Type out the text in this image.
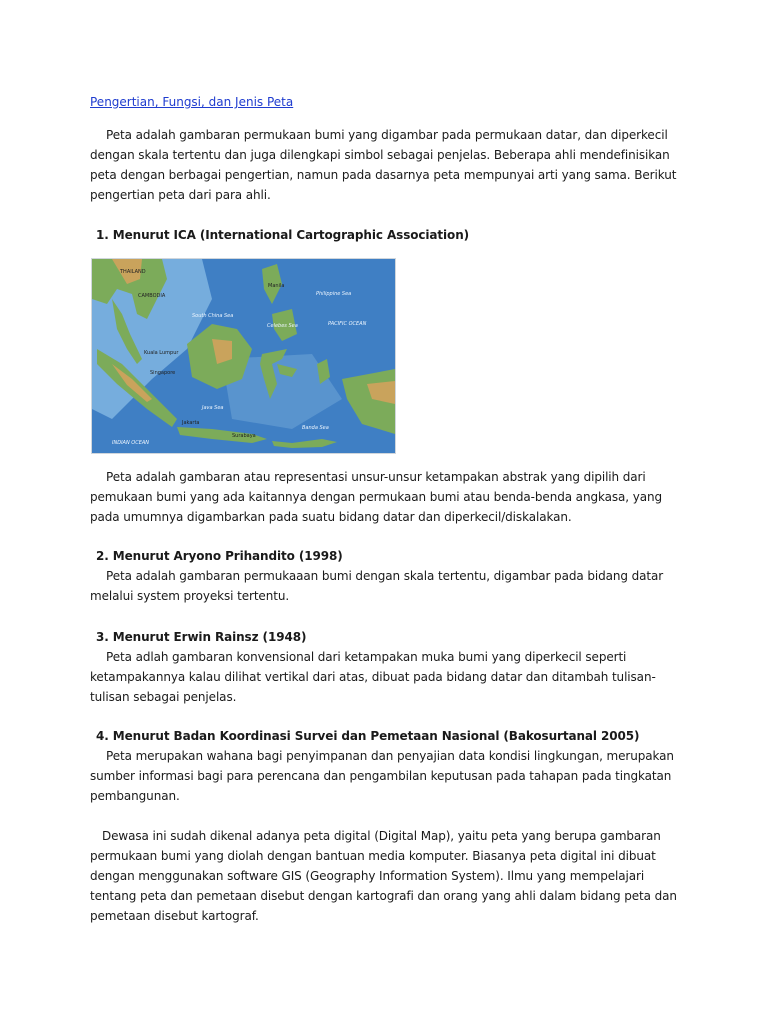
Pengertian, Fungsi, dan Jenis Peta

Peta adalah gambaran permukaan bumi yang digambar pada permukaan datar, dan diperkecil dengan skala tertentu dan juga dilengkapi simbol sebagai penjelas. Beberapa ahli mendefinisikan peta dengan berbagai pengertian, namun pada dasarnya peta mempunyai arti yang sama. Berikut pengertian peta dari para ahli.

1. Menurut ICA (International Cartographic Association)
THAILAND
CAMBODIA
Kuala Lumpur
Singapore
Jakarta
Surabaya
Manila
Philippine Sea
PACIFIC OCEAN
Celebes Sea
Banda Sea
INDIAN OCEAN
Java Sea
South China Sea

Peta adalah gambaran atau representasi unsur-unsur ketampakan abstrak yang dipilih dari pemukaan bumi yang ada kaitannya dengan permukaan bumi atau benda-benda angkasa, yang pada umumnya digambarkan pada suatu bidang datar dan diperkecil/diskalakan.

2. Menurut Aryono Prihandito (1998)

Peta adalah gambaran permukaaan bumi dengan skala tertentu, digambar pada bidang datar melalui system proyeksi tertentu.

3. Menurut Erwin Rainsz (1948)

Peta adlah gambaran konvensional dari ketampakan muka bumi yang diperkecil seperti ketampakannya kalau dilihat vertikal dari atas, dibuat pada bidang datar dan ditambah tulisan-tulisan sebagai penjelas.

4. Menurut Badan Koordinasi Survei dan Pemetaan Nasional (Bakosurtanal 2005)

Peta merupakan wahana bagi penyimpanan dan penyajian data kondisi lingkungan, merupakan sumber informasi bagi para perencana dan pengambilan keputusan pada tahapan pada tingkatan pembangunan.

Dewasa ini sudah dikenal adanya peta digital (Digital Map), yaitu peta yang berupa gambaran permukaan bumi yang diolah dengan bantuan media komputer. Biasanya peta digital ini dibuat dengan menggunakan software GIS (Geography Information System). Ilmu yang mempelajari tentang peta dan pemetaan disebut dengan kartografi dan orang yang ahli dalam bidang peta dan pemetaan disebut kartograf.
